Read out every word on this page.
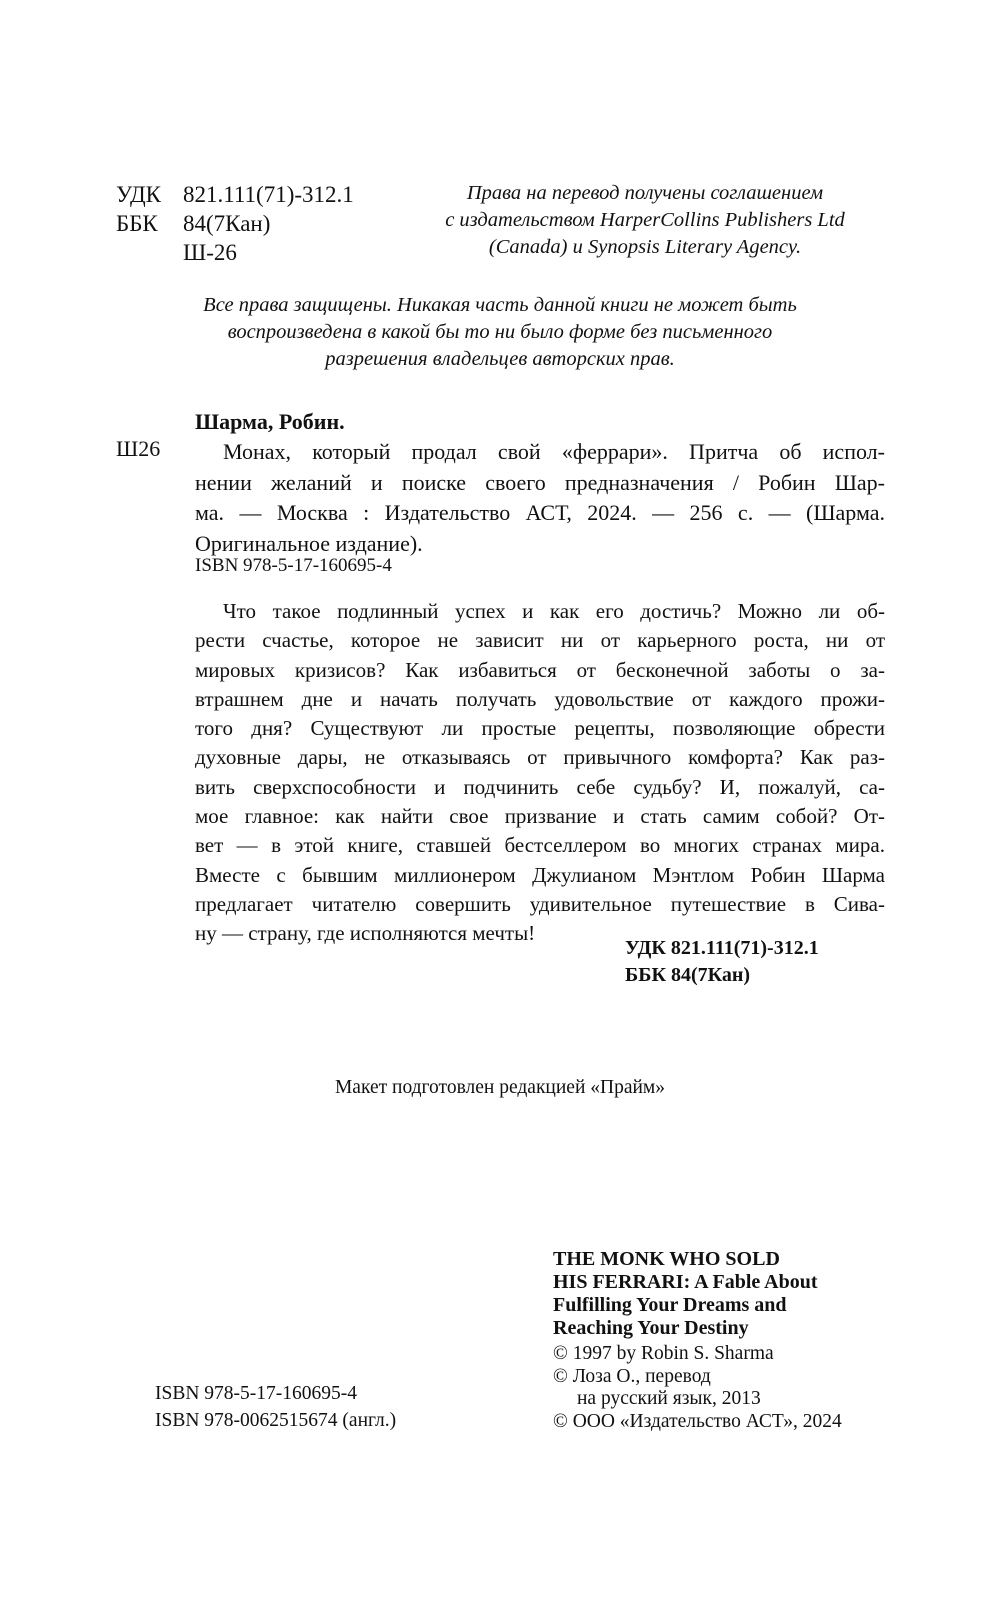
УДК 821.111(71)-312.1
ББК	84(7Кан)
Ш-26
Права на перевод получены соглашением
с издательством HarperCollins Publishers Ltd
(Canada) и Synopsis Literary Agency.
Все права защищены. Никакая часть данной книги не может быть
воспроизведена в какой бы то ни было форме без письменного
разрешения владельцев авторских прав.
Шарма, Робин.
Ш26	Монах, который продал свой «феррари». Притча об испол-
нении желаний и поиске своего предназначения / Робин Шар-
ма. — Москва : Издательство АСТ, 2024. — 256 с. — (Шарма.
Оригинальное издание).
ISBN 978-5-17-160695-4
Что такое подлинный успех и как его достичь? Можно ли об-
рести счастье, которое не зависит ни от карьерного роста, ни от
мировых кризисов? Как избавиться от бесконечной заботы о за-
втрашнем дне и начать получать удовольствие от каждого прожи-
того дня? Существуют ли простые рецепты, позволяющие обрести
духовные дары, не отказываясь от привычного комфорта? Как раз-
вить сверхспособности и подчинить себе судьбу? И, пожалуй, са-
мое главное: как найти свое призвание и стать самим собой? От-
вет — в этой книге, ставшей бестселлером во многих странах мира.
Вместе с бывшим миллионером Джулианом Мэнтлом Робин Шарма
предлагает читателю совершить удивительное путешествие в Сива-
ну — страну, где исполняются мечты!
УДК 821.111(71)-312.1
ББК 84(7Кан)
Макет подготовлен редакцией «Прайм»
THE MONK WHO SOLD
HIS FERRARI: A Fable About
Fulfilling Your Dreams and
Reaching Your Destiny
© 1997 by Robin S. Sharma
© Лоза О., перевод
на русский язык, 2013
© ООО «Издательство АСТ», 2024
ISBN 978-5-17-160695-4
ISBN 978-0062515674 (англ.)
